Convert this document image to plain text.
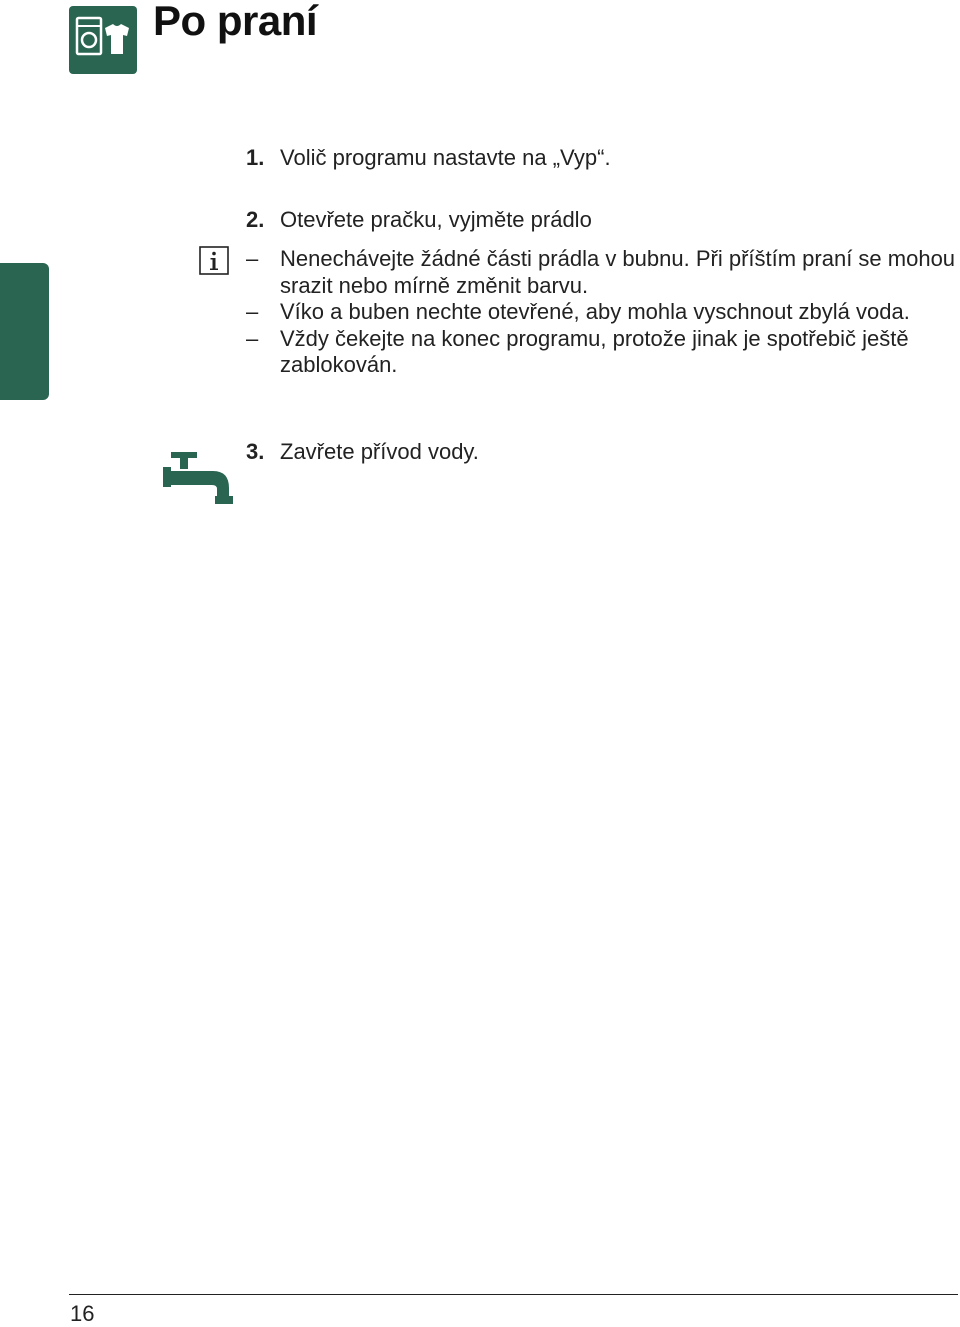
Po praní
1. Volič programu nastavte na „Vyp“.
2. Otevřete pračku, vyjměte prádlo
– Nenechávejte žádné části prádla v bubnu. Při příštím praní se mohou srazit nebo mírně změnit barvu.
– Víko a buben nechte otevřené, aby mohla vyschnout zbylá voda.
– Vždy čekejte na konec programu, protože jinak je spotřebič ještě zablokován.
3. Zavřete přívod vody.
16
